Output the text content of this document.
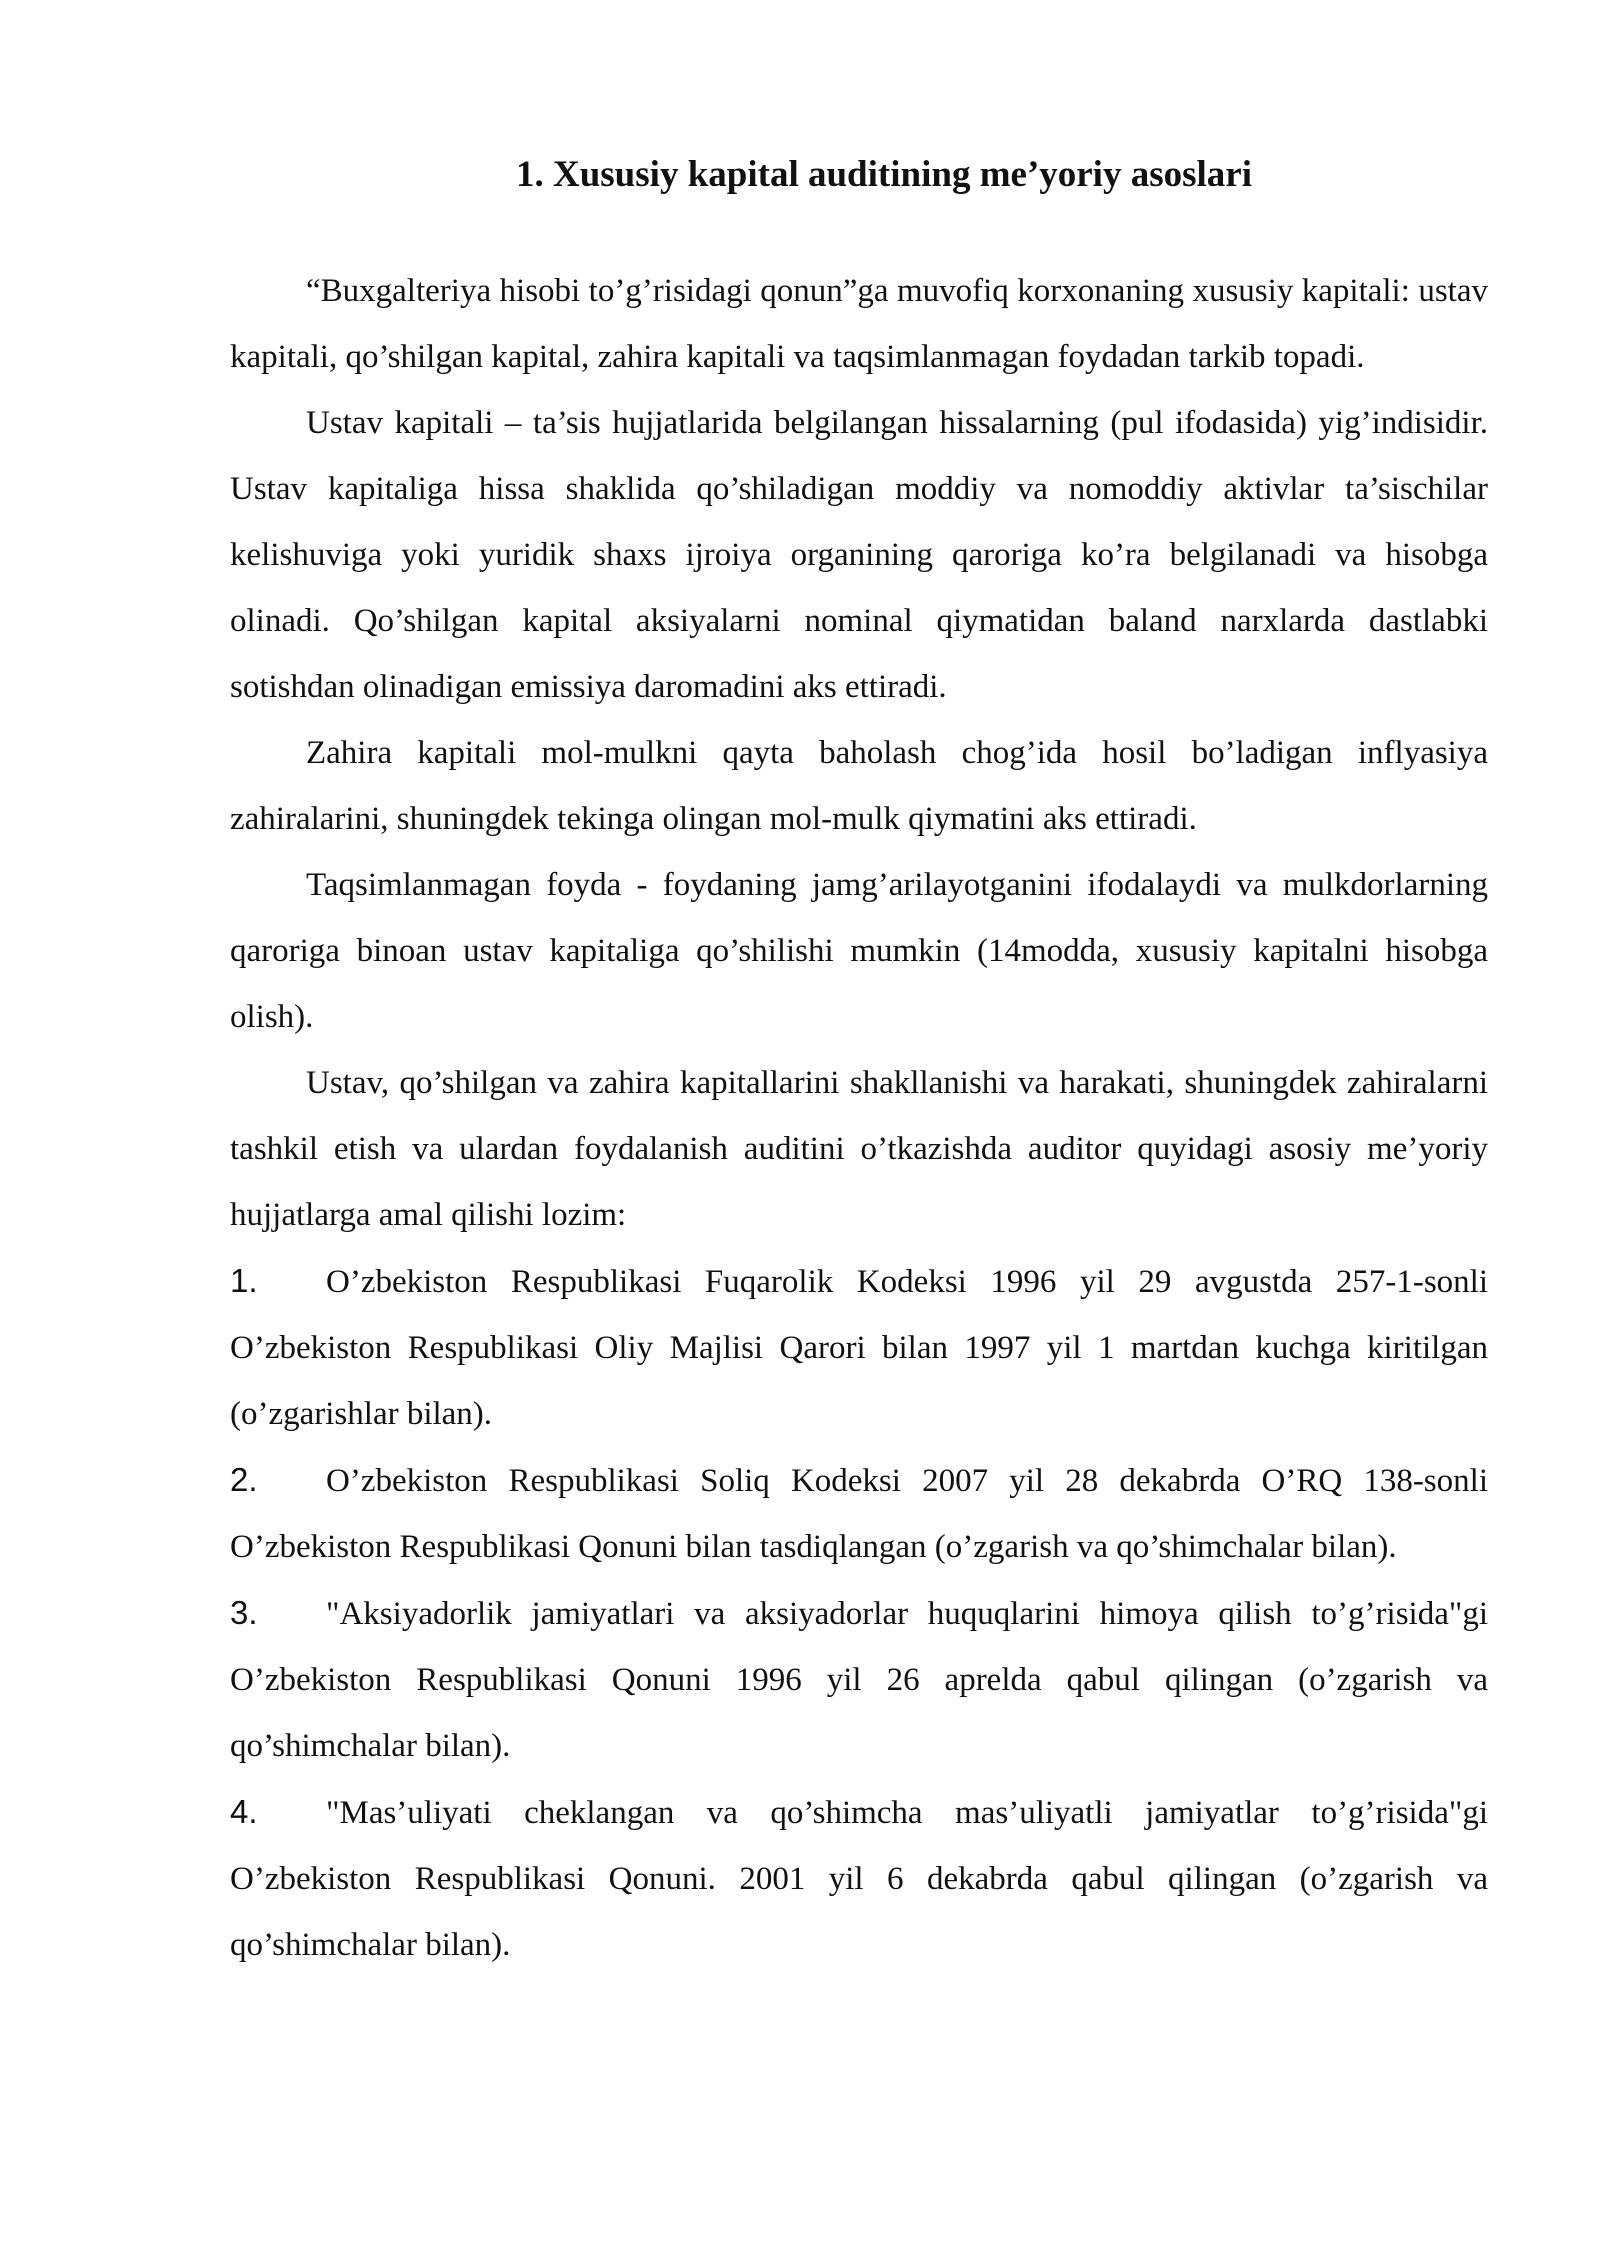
1. Xususiy kapital auditining me’yoriy asoslari

“Buxgalteriya hisobi to’g’risidagi qonun”ga muvofiq korxonaning xususiy kapitali: ustav kapitali, qo’shilgan kapital, zahira kapitali va taqsimlanmagan foydadan tarkib topadi.

Ustav kapitali – ta’sis hujjatlarida belgilangan hissalarning (pul ifodasida) yig’indisidir. Ustav kapitaliga hissa shaklida qo’shiladigan moddiy va nomoddiy aktivlar ta’sischilar kelishuviga yoki yuridik shaxs ijroiya organining qaroriga ko’ra belgilanadi va hisobga olinadi. Qo’shilgan kapital aksiyalarni nominal qiymatidan baland narxlarda dastlabki sotishdan olinadigan emissiya daromadini aks ettiradi.

Zahira kapitali mol-mulkni qayta baholash chog’ida hosil bo’ladigan inflyasiya zahiralarini, shuningdek tekinga olingan mol-mulk qiymatini aks ettiradi.

Taqsimlanmagan foyda - foydaning jamg’arilayotganini ifodalaydi va mulkdorlarning qaroriga binoan ustav kapitaliga qo’shilishi mumkin (14modda, xususiy kapitalni hisobga olish).

Ustav, qo’shilgan va zahira kapitallarini shakllanishi va harakati, shuningdek zahiralarni tashkil etish va ulardan foydalanish auditini o’tkazishda auditor quyidagi asosiy me’yoriy hujjatlarga amal qilishi lozim:

1. O’zbekiston Respublikasi Fuqarolik Kodeksi 1996 yil 29 avgustda 257-1-sonli O’zbekiston Respublikasi Oliy Majlisi Qarori bilan 1997 yil 1 martdan kuchga kiritilgan (o’zgarishlar bilan).

2. O’zbekiston Respublikasi Soliq Kodeksi 2007 yil 28 dekabrda O’RQ 138-sonli O’zbekiston Respublikasi Qonuni bilan tasdiqlangan (o’zgarish va qo’shimchalar bilan).

3. "Aksiyadorlik jamiyatlari va aksiyadorlar huquqlarini himoya qilish to’g’risida"gi O’zbekiston Respublikasi Qonuni 1996 yil 26 aprelda qabul qilingan (o’zgarish va qo’shimchalar bilan).

4. "Mas’uliyati cheklangan va qo’shimcha mas’uliyatli jamiyatlar to’g’risida"gi O’zbekiston Respublikasi Qonuni. 2001 yil 6 dekabrda qabul qilingan (o’zgarish va qo’shimchalar bilan).
